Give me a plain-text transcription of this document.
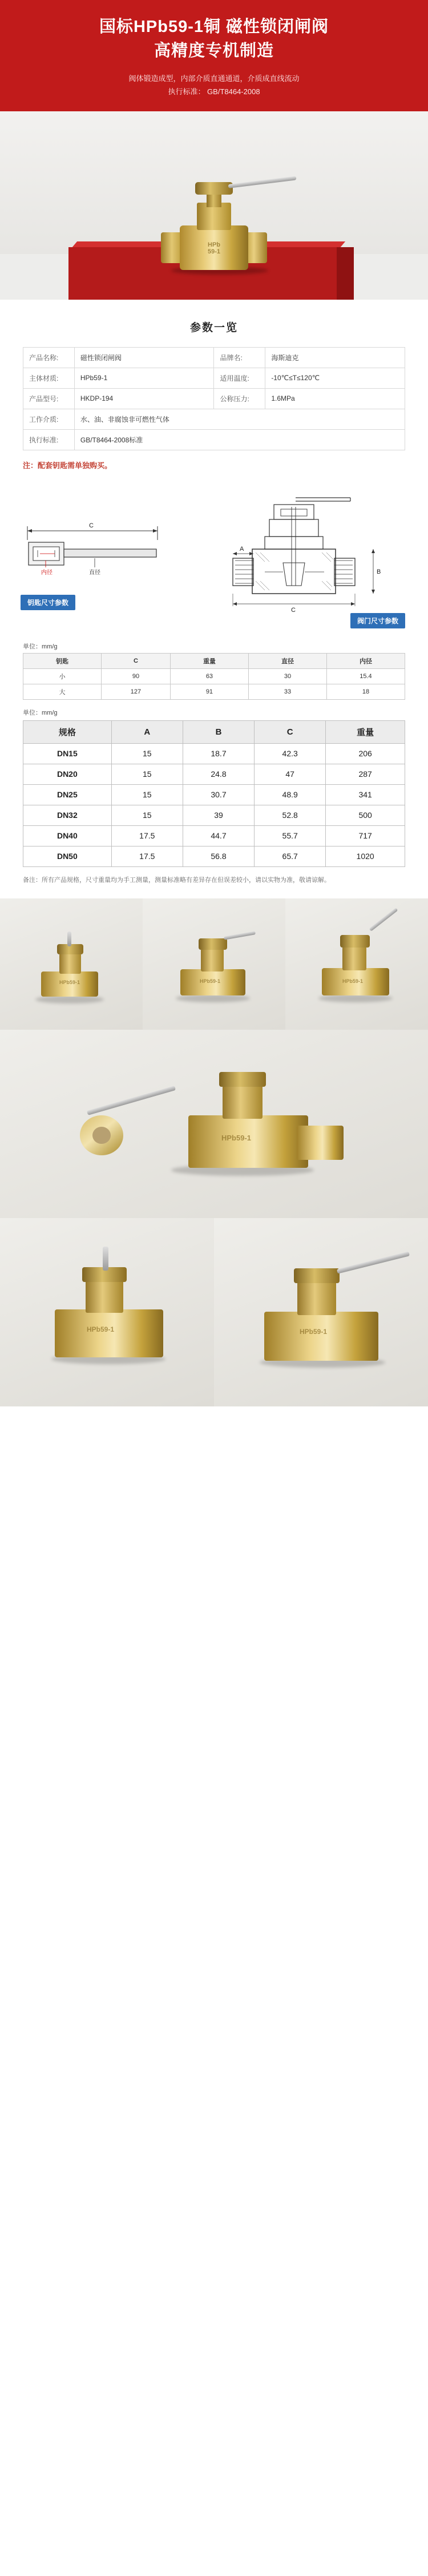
国标HPb59-1铜 磁性锁闭闸阀
高精度专机制造
阀体锻造成型，内部介质直通通道，介质成直线流动
执行标准： GB/T8464-2008
HPb
59-1
参数一览
产品名称:	磁性锁闭闸阀	品牌名:	海斯迪克
主体材质:	HPb59-1	适用温度:	-10℃≤T≤120℃
产品型号:	HKDP-194	公称压力:	1.6MPa
工作介质:	水、油、非腐蚀非可燃性气体		
执行标准:	GB/T8464-2008标准		
注：配套钥匙需单独购买。
C
内径	直径
A
B
C
钥匙尺寸参数
阀门尺寸参数
单位：mm/g
钥匙	C	重量	直径	内径
小	90	63	30	15.4
大	127	91	33	18
单位：mm/g
规格	A	B	C	重量
DN15	15	18.7	42.3	206
DN20	15	24.8	47	287
DN25	15	30.7	48.9	341
DN32	15	39	52.8	500
DN40	17.5	44.7	55.7	717
DN50	17.5	56.8	65.7	1020
备注：所有产品规格，尺寸重量均为手工测量，测量标准略有差异存在但误差较小，请以实物为准，敬请谅解。
HPb59-1	HPb59-1	HPb59-1
HPb59-1
HPb59-1	HPb59-1
